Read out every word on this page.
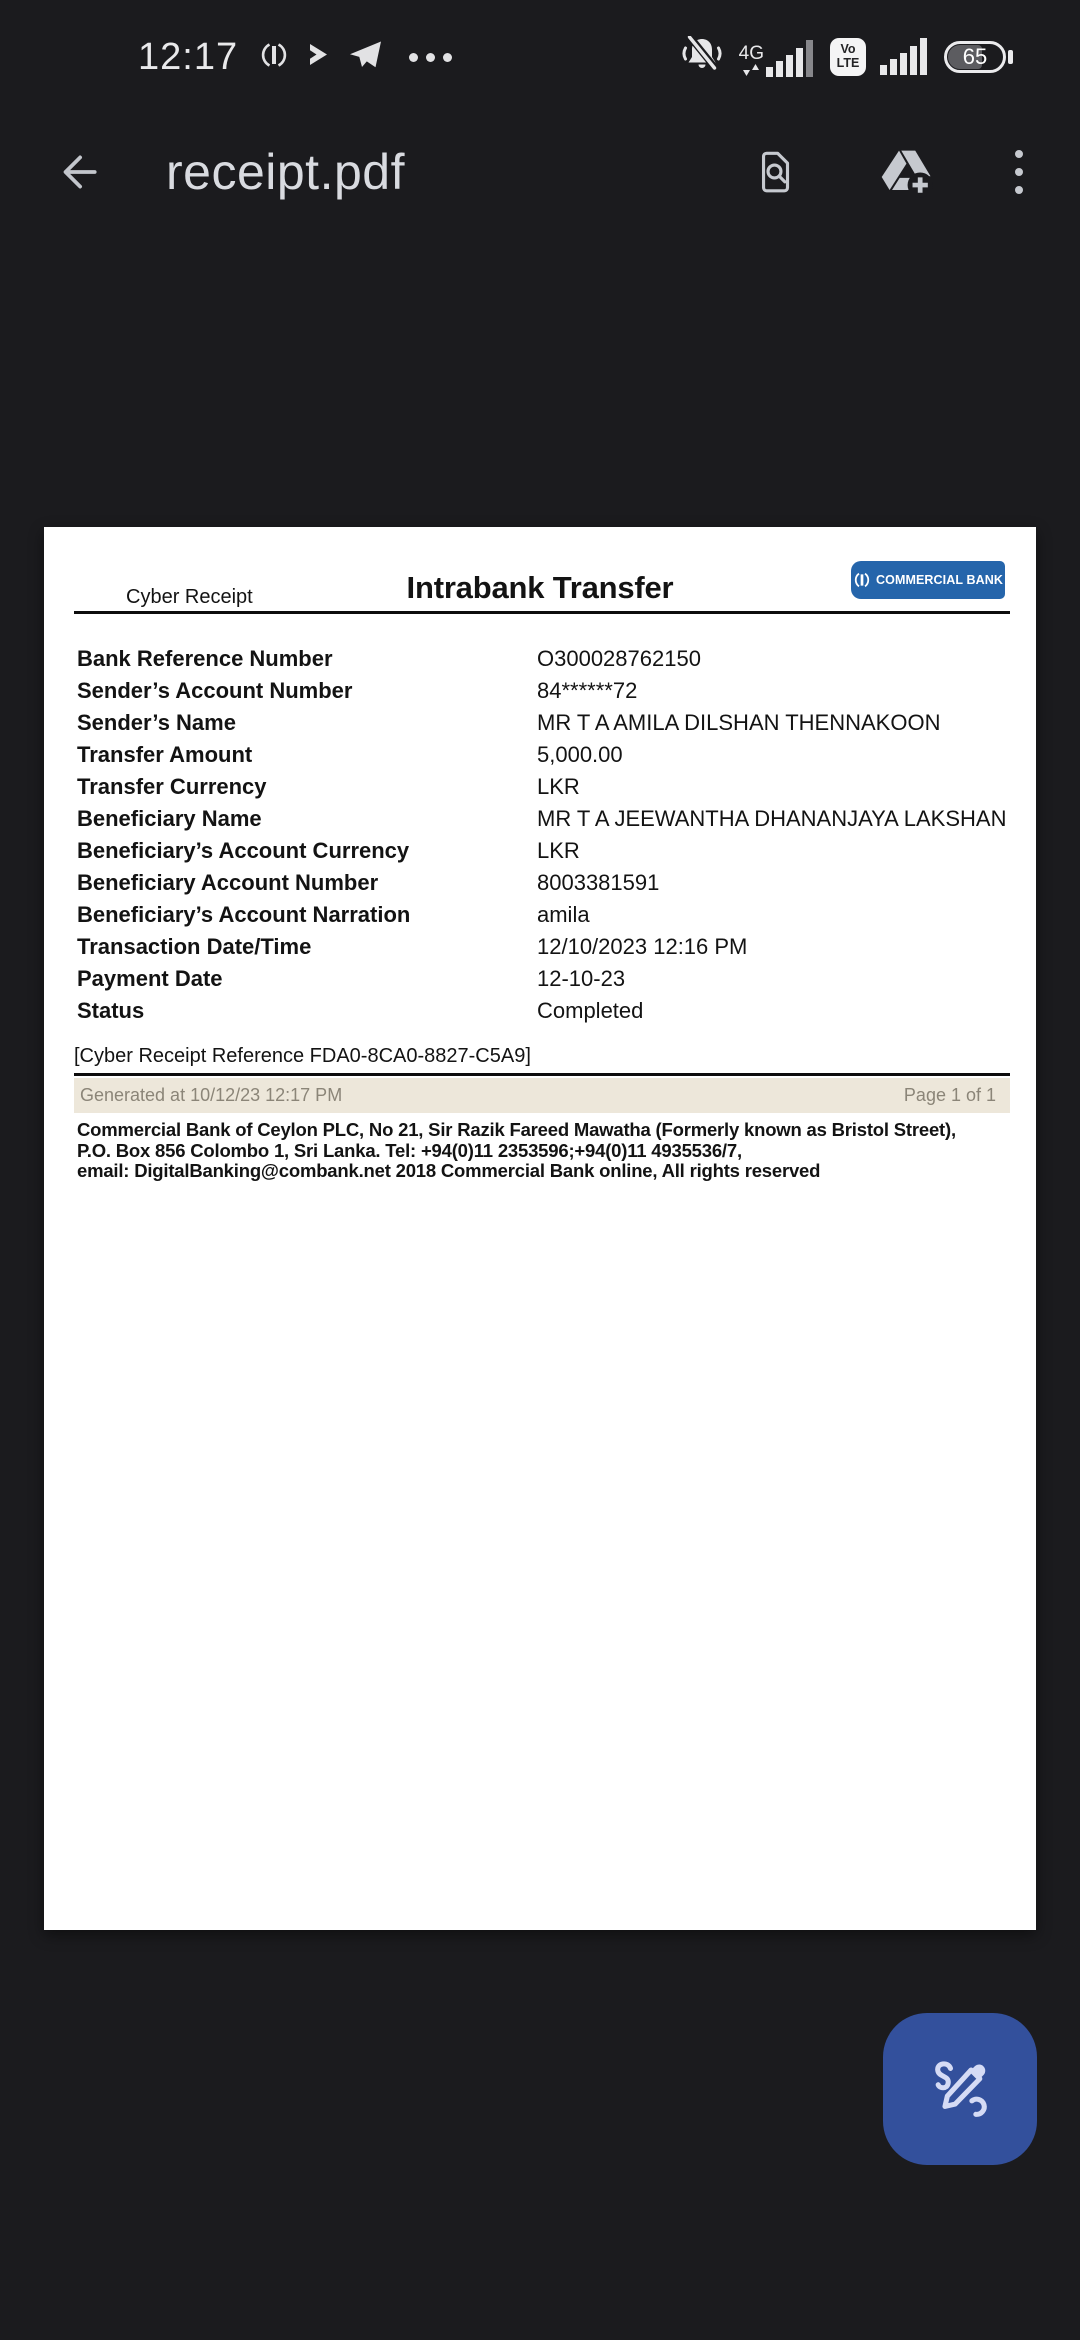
12:17	4G	Vo
LTE	65
receipt.pdf
Cyber Receipt	Intrabank Transfer	COMMERCIAL BANK
Bank Reference Number	O300028762150
Sender’s Account Number	84******72
Sender’s Name	MR T A AMILA DILSHAN THENNAKOON
Transfer Amount	5,000.00
Transfer Currency	LKR
Beneficiary Name	MR T A JEEWANTHA DHANANJAYA LAKSHAN
Beneficiary’s Account Currency	LKR
Beneficiary Account Number	8003381591
Beneficiary’s Account Narration	amila
Transaction Date/Time	12/10/2023 12:16 PM
Payment Date	12-10-23
Status	Completed
[Cyber Receipt Reference FDA0-8CA0-8827-C5A9]
Generated at 10/12/23 12:17 PM	Page 1 of 1
Commercial Bank of Ceylon PLC, No 21, Sir Razik Fareed Mawatha (Formerly known as Bristol Street),
P.O. Box 856 Colombo 1, Sri Lanka. Tel: +94(0)11 2353596;+94(0)11 4935536/7,
email: DigitalBanking@combank.net 2018 Commercial Bank online, All rights reserved
